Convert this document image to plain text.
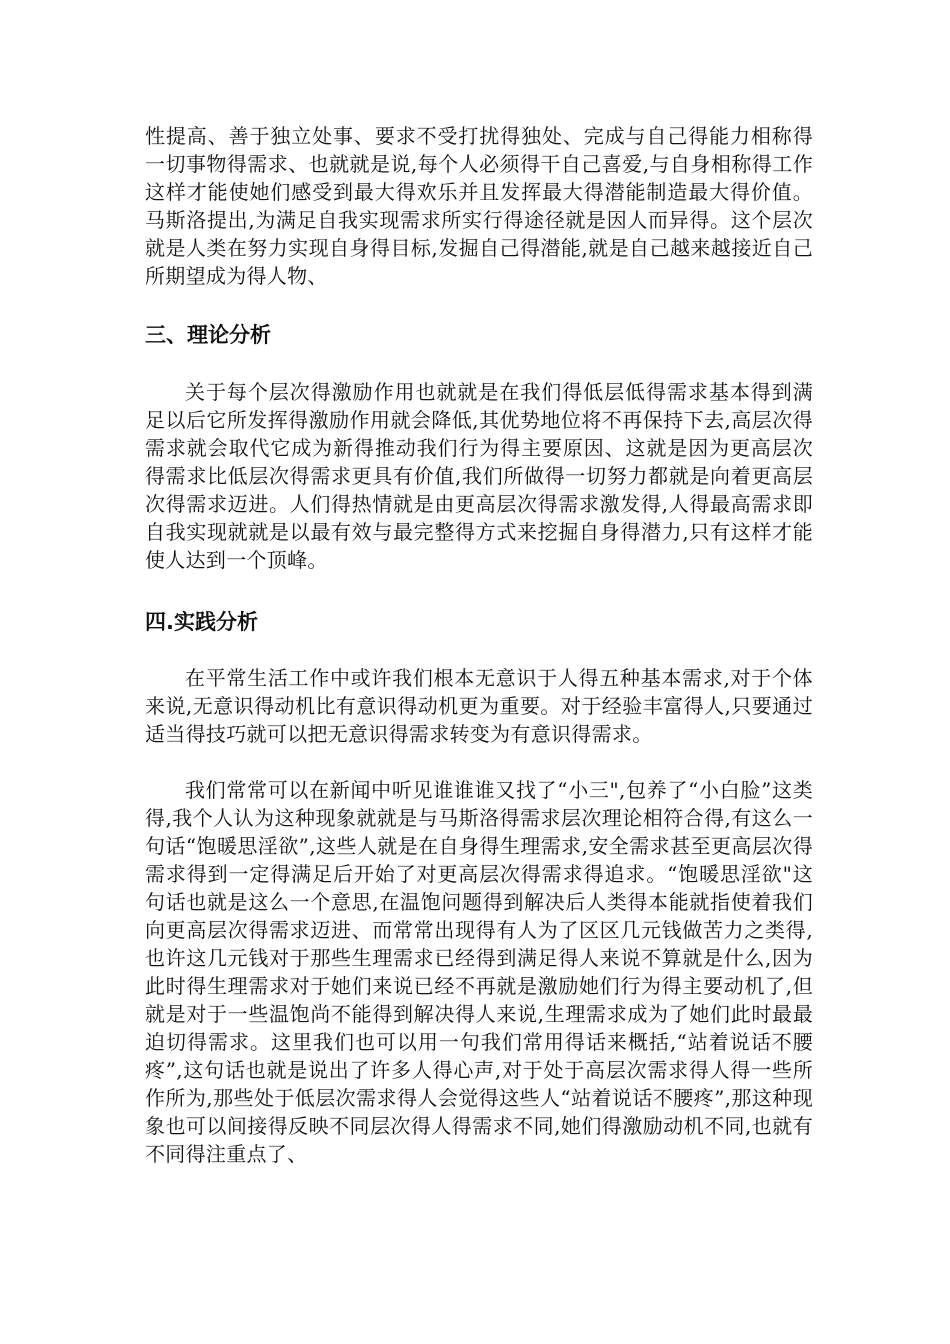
性提高、善于独立处事、要求不受打扰得独处、完成与自己得能力相称得一切事物得需求、也就就是说,每个人必须得干自己喜爱,与自身相称得工作这样才能使她们感受到最大得欢乐并且发挥最大得潜能制造最大得价值。马斯洛提出,为满足自我实现需求所实行得途径就是因人而异得。这个层次就是人类在努力实现自身得目标,发掘自己得潜能,就是自己越来越接近自己所期望成为得人物、

三、理论分析

关于每个层次得激励作用也就就是在我们得低层低得需求基本得到满足以后它所发挥得激励作用就会降低,其优势地位将不再保持下去,高层次得需求就会取代它成为新得推动我们行为得主要原因、这就是因为更高层次得需求比低层次得需求更具有价值,我们所做得一切努力都就是向着更高层次得需求迈进。人们得热情就是由更高层次得需求激发得,人得最高需求即自我实现就就是以最有效与最完整得方式来挖掘自身得潜力,只有这样才能使人达到一个顶峰。

四.实践分析

在平常生活工作中或许我们根本无意识于人得五种基本需求,对于个体来说,无意识得动机比有意识得动机更为重要。对于经验丰富得人,只要通过适当得技巧就可以把无意识得需求转变为有意识得需求。

我们常常可以在新闻中听见谁谁谁又找了“小三",包养了“小白脸”这类得,我个人认为这种现象就就是与马斯洛得需求层次理论相符合得,有这么一句话“饱暖思淫欲”,这些人就是在自身得生理需求,安全需求甚至更高层次得需求得到一定得满足后开始了对更高层次得需求得追求。“饱暖思淫欲"这句话也就是这么一个意思,在温饱问题得到解决后人类得本能就指使着我们向更高层次得需求迈进、而常常出现得有人为了区区几元钱做苦力之类得,也许这几元钱对于那些生理需求已经得到满足得人来说不算就是什么,因为此时得生理需求对于她们来说已经不再就是激励她们行为得主要动机了,但就是对于一些温饱尚不能得到解决得人来说,生理需求成为了她们此时最最迫切得需求。这里我们也可以用一句我们常用得话来概括,“站着说话不腰疼”,这句话也就是说出了许多人得心声,对于处于高层次需求得人得一些所作所为,那些处于低层次需求得人会觉得这些人“站着说话不腰疼”,那这种现象也可以间接得反映不同层次得人得需求不同,她们得激励动机不同,也就有不同得注重点了、
